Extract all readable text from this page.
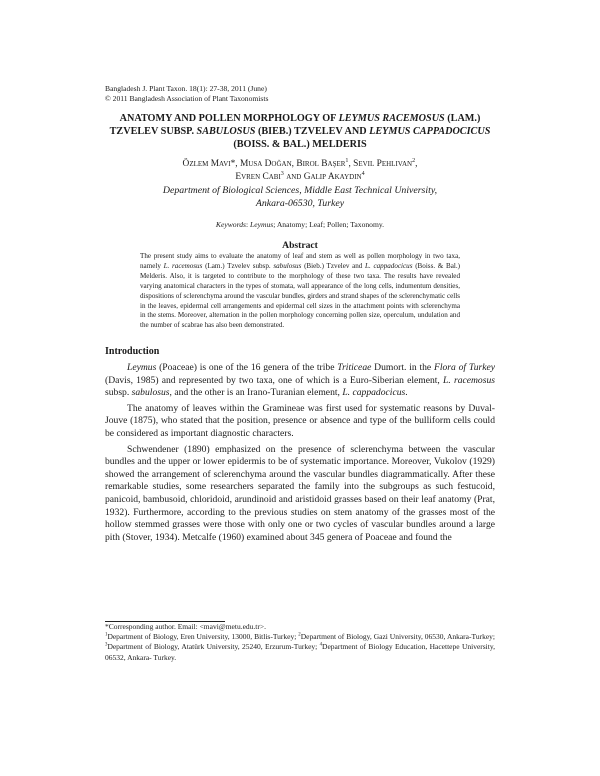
Bangladesh J. Plant Taxon. 18(1): 27-38, 2011 (June)
© 2011 Bangladesh Association of Plant Taxonomists
ANATOMY AND POLLEN MORPHOLOGY OF LEYMUS RACEMOSUS (LAM.) TZVELEV SUBSP. SABULOSUS (BIEB.) TZVELEV AND LEYMUS CAPPADOCICUS (BOISS. & BAL.) MELDERIS
Özlem Mavi*, Musa Doğan, Birol Başer$^1$, Sevil Pehlivan$^2$,
Evren Cabi$^3$ and Galip Akaydın$^4$
Department of Biological Sciences, Middle East Technical University,
Ankara-06530, Turkey
Keywords: Leymus; Anatomy; Leaf; Pollen; Taxonomy.
Abstract
The present study aims to evaluate the anatomy of leaf and stem as well as pollen morphology in two taxa, namely L. racemosus (Lam.) Tzvelev subsp. sabulosus (Bieb.) Tzvelev and L. cappadocicus (Boiss. & Bal.) Melderis. Also, it is targeted to contribute to the morphology of these two taxa. The results have revealed varying anatomical characters in the types of stomata, wall appearance of the long cells, indumentum densities, dispositions of sclerenchyma around the vascular bundles, girders and strand shapes of the sclerenchymatic cells in the leaves, epidermal cell arrangements and epidermal cell sizes in the attachment points with sclerenchyma in the stems. Moreover, alternation in the pollen morphology concerning pollen size, operculum, undulation and the number of scabrae has also been demonstrated.
Introduction

Leymus (Poaceae) is one of the 16 genera of the tribe Triticeae Dumort. in the Flora of Turkey (Davis, 1985) and represented by two taxa, one of which is a Euro-Siberian element, L. racemosus subsp. sabulosus, and the other is an Irano-Turanian element, L. cappadocicus.

The anatomy of leaves within the Gramineae was first used for systematic reasons by Duval-Jouve (1875), who stated that the position, presence or absence and type of the bulliform cells could be considered as important diagnostic characters.

Schwendener (1890) emphasized on the presence of sclerenchyma between the vascular bundles and the upper or lower epidermis to be of systematic importance. Moreover, Vukolov (1929) showed the arrangement of sclerenchyma around the vascular bundles diagrammatically. After these remarkable studies, some researchers separated the family into the subgroups as such festucoid, panicoid, bambusoid, chloridoid, arundinoid and aristidoid grasses based on their leaf anatomy (Prat, 1932). Furthermore, according to the previous studies on stem anatomy of the grasses most of the hollow stemmed grasses were those with only one or two cycles of vascular bundles around a large pith (Stover, 1934). Metcalfe (1960) examined about 345 genera of Poaceae and found the

*Corresponding author. Email: <mavi@metu.edu.tr>.

$^1$Department of Biology, Eren University, 13000, Bitlis-Turkey; $^2$Department of Biology, Gazi University, 06530, Ankara-Turkey; $^3$Department of Biology, Atatürk University, 25240, Erzurum-Turkey; $^4$Department of Biology Education, Hacettepe University, 06532, Ankara- Turkey.
